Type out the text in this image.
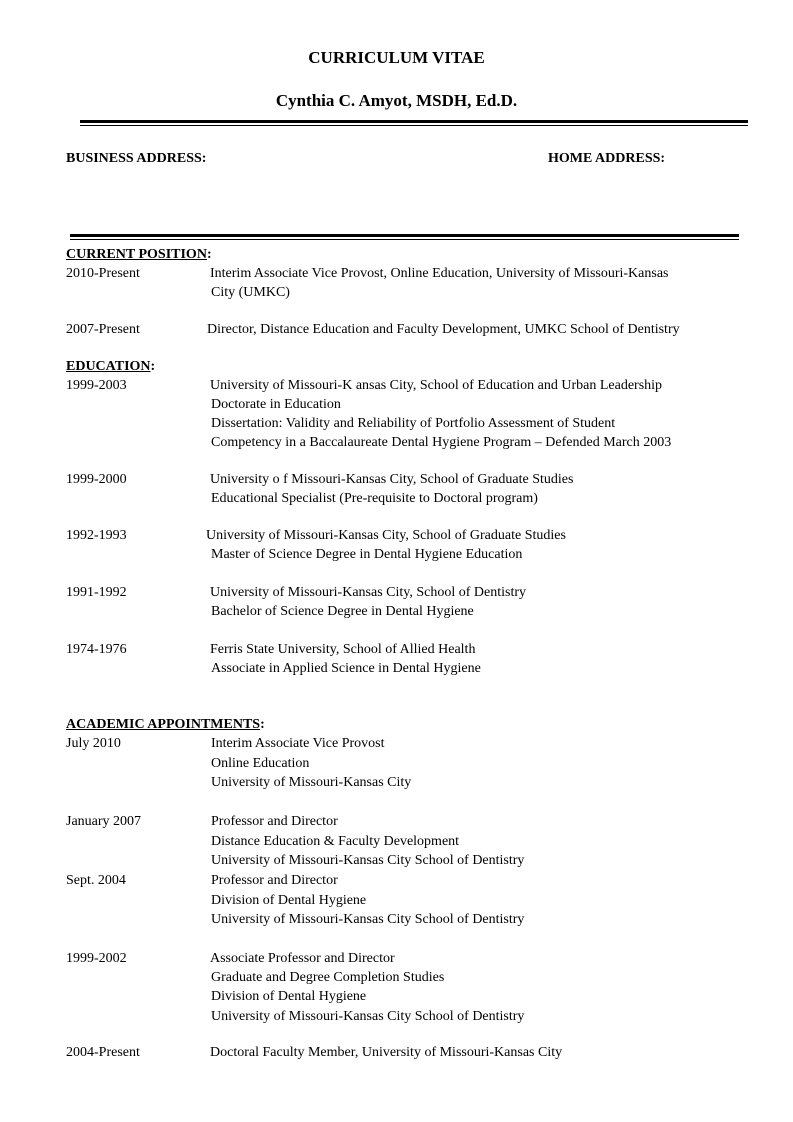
CURRICULUM VITAE
Cynthia C. Amyot, MSDH, Ed.D.
BUSINESS ADDRESS:	HOME ADDRESS:
CURRENT POSITION:
EDUCATION:
ACADEMIC APPOINTMENTS:
2010-Present	Interim Associate Vice Provost, Online Education, University of Missouri-Kansas
City (UMKC)
2007-Present	Director, Distance Education and Faculty Development, UMKC School of Dentistry
1999-2003	University of Missouri-K ansas City, School of Education and Urban Leadership
Doctorate in Education
Dissertation: Validity and Reliability of Portfolio Assessment of Student
Competency in a Baccalaureate Dental Hygiene Program – Defended March 2003
1999-2000	University o f Missouri-Kansas City, School of Graduate Studies
Educational Specialist (Pre-requisite to Doctoral program)
1992-1993	University of Missouri-Kansas City, School of Graduate Studies
Master of Science Degree in Dental Hygiene Education
1991-1992	University of Missouri-Kansas City, School of Dentistry
Bachelor of Science Degree in Dental Hygiene
1974-1976	Ferris State University, School of Allied Health
Associate in Applied Science in Dental Hygiene
July 2010	Interim Associate Vice Provost
Online Education
University of Missouri-Kansas City
January 2007	Professor and Director
Distance Education & Faculty Development
University of Missouri-Kansas City School of Dentistry
Sept. 2004	Professor and Director
Division of Dental Hygiene
University of Missouri-Kansas City School of Dentistry
1999-2002	Associate Professor and Director
Graduate and Degree Completion Studies
Division of Dental Hygiene
University of Missouri-Kansas City School of Dentistry
2004-Present	Doctoral Faculty Member, University of Missouri-Kansas City
